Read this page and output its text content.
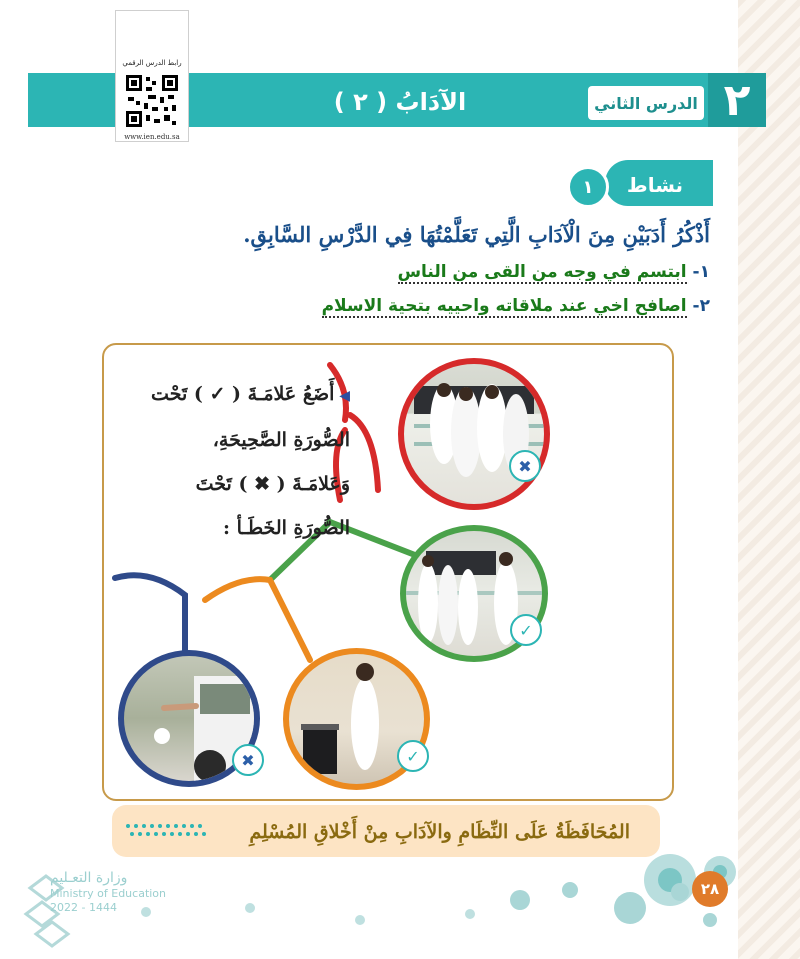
٢
الدرس الثاني
الآدَابُ ( ٢ )
رابط الدرس الرقمي
www.ien.edu.sa
نشاط
١
أَذْكُرُ أَدَبَيْنِ مِنَ الْآدَابِ الَّتِي تَعَلَّمْتُهَا فِي الدَّرْسِ السَّابِقِ.
١- ابتسم في وجه من القى من الناس
٢- اصافح اخي عند ملاقاته واحييه بتحية الاسلام
◀ أَضَعُ عَلامَـةَ ( ✓ ) تَحْت
الصُّورَةِ الصَّحِيحَةِ،
وَعَلامَـةَ ( ✖ ) تَحْتَ
الصُّورَةِ الخَطَـأ :
✖
✓
✓
✖
المُحَافَظَةُ عَلَى النِّظَامِ والآدَابِ مِنْ أَخْلاقِ المُسْلِمِ
٢٨
وزارة التعـليم
Ministry of Education
2022 - 1444
